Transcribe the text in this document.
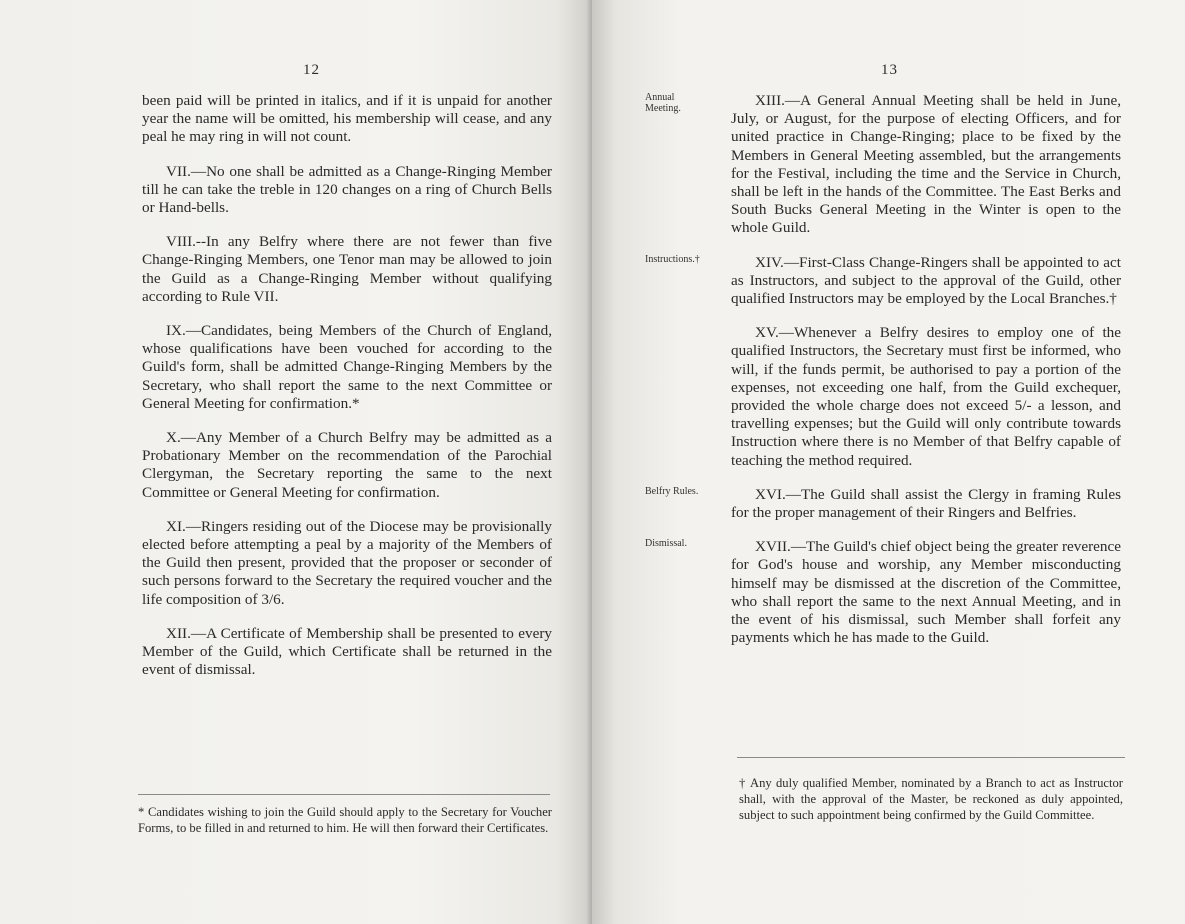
12

been paid will be printed in italics, and if it is unpaid for another year the name will be omitted, his membership will cease, and any peal he may ring in will not count.

VII.—No one shall be admitted as a Change-Ringing Member till he can take the treble in 120 changes on a ring of Church Bells or Hand-bells.

VIII.--In any Belfry where there are not fewer than five Change-Ringing Members, one Tenor man may be allowed to join the Guild as a Change-Ringing Member without qualifying according to Rule VII.

IX.—Candidates, being Members of the Church of England, whose qualifications have been vouched for according to the Guild's form, shall be admitted Change-Ringing Members by the Secretary, who shall report the same to the next Committee or General Meeting for confirmation.*

X.—Any Member of a Church Belfry may be admitted as a Probationary Member on the recommendation of the Parochial Clergyman, the Secretary reporting the same to the next Committee or General Meeting for confirmation.

XI.—Ringers residing out of the Diocese may be provisionally elected before attempting a peal by a majority of the Members of the Guild then present, provided that the proposer or seconder of such persons forward to the Secretary the required voucher and the life composition of 3/6.

XII.—A Certificate of Membership shall be presented to every Member of the Guild, which Certificate shall be returned in the event of dismissal.

* Candidates wishing to join the Guild should apply to the Secretary for Voucher Forms, to be filled in and returned to him. He will then forward their Certificates.
13
Annual Meeting.	XIII.—A General Annual Meeting shall be held in June, July, or August, for the purpose of electing Officers, and for united practice in Change-Ringing; place to be fixed by the Members in General Meeting assembled, but the arrangements for the Festival, including the time and the Service in Church, shall be left in the hands of the Committee. The East Berks and South Bucks General Meeting in the Winter is open to the whole Guild.

Instructions.†	XIV.—First-Class Change-Ringers shall be appointed to act as Instructors, and subject to the approval of the Guild, other qualified Instructors may be employed by the Local Branches.†

XV.—Whenever a Belfry desires to employ one of the qualified Instructors, the Secretary must first be informed, who will, if the funds permit, be authorised to pay a portion of the expenses, not exceeding one half, from the Guild exchequer, provided the whole charge does not exceed 5/- a lesson, and travelling expenses; but the Guild will only contribute towards Instruction where there is no Member of that Belfry capable of teaching the method required.

Belfry Rules.	XVI.—The Guild shall assist the Clergy in framing Rules for the proper management of their Ringers and Belfries.

Dismissal.	XVII.—The Guild's chief object being the greater reverence for God's house and worship, any Member misconducting himself may be dismissed at the discretion of the Committee, who shall report the same to the next Annual Meeting, and in the event of his dismissal, such Member shall forfeit any payments which he has made to the Guild.

† Any duly qualified Member, nominated by a Branch to act as Instructor shall, with the approval of the Master, be reckoned as duly appointed, subject to such appointment being confirmed by the Guild Committee.
